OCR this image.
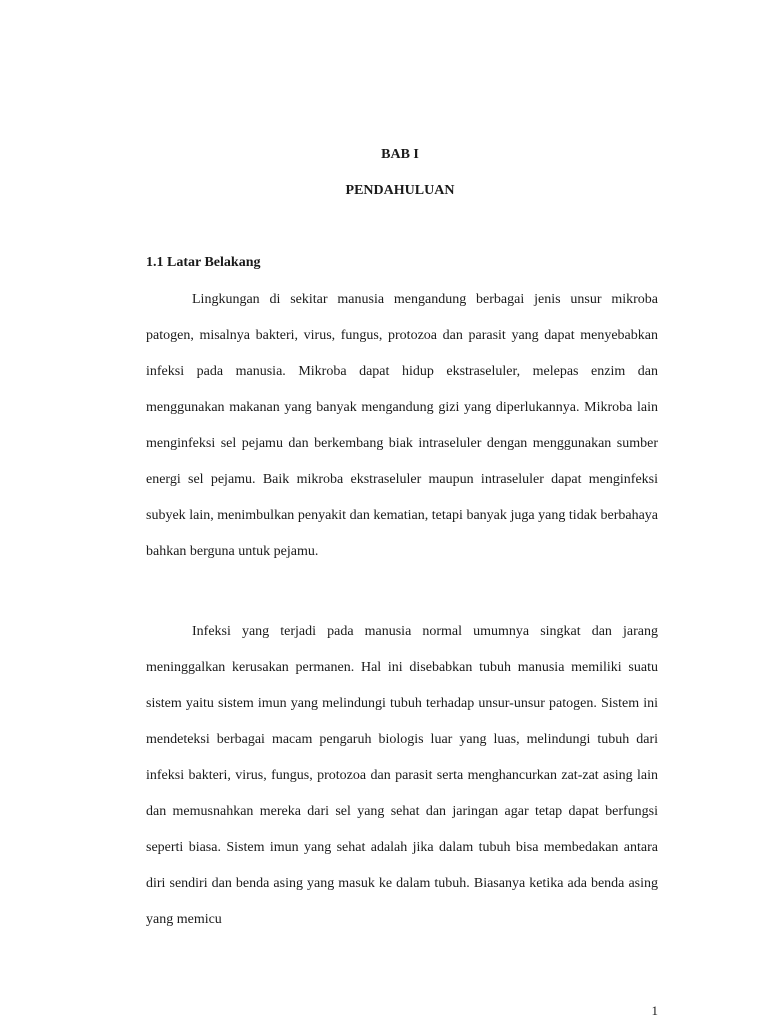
BAB I
PENDAHULUAN
1.1 Latar Belakang

Lingkungan di sekitar manusia mengandung berbagai jenis unsur mikroba patogen, misalnya bakteri, virus, fungus, protozoa dan parasit yang dapat menyebabkan infeksi pada manusia. Mikroba dapat hidup ekstraseluler, melepas enzim dan menggunakan makanan yang banyak mengandung gizi yang diperlukannya. Mikroba lain menginfeksi sel pejamu dan berkembang biak intraseluler dengan menggunakan sumber energi sel pejamu. Baik mikroba ekstraseluler maupun intraseluler dapat menginfeksi subyek lain, menimbulkan penyakit dan kematian, tetapi banyak juga yang tidak berbahaya bahkan berguna untuk pejamu.

Infeksi yang terjadi pada manusia normal umumnya singkat dan jarang meninggalkan kerusakan permanen. Hal ini disebabkan tubuh manusia memiliki suatu sistem yaitu sistem imun yang melindungi tubuh terhadap unsur-unsur patogen. Sistem ini mendeteksi berbagai macam pengaruh biologis luar yang luas, melindungi tubuh dari infeksi bakteri, virus, fungus, protozoa dan parasit serta menghancurkan zat-zat asing lain dan memusnahkan mereka dari sel yang sehat dan jaringan agar tetap dapat berfungsi seperti biasa. Sistem imun yang sehat adalah jika dalam tubuh bisa membedakan antara diri sendiri dan benda asing yang masuk ke dalam tubuh. Biasanya ketika ada benda asing yang memicu

1
